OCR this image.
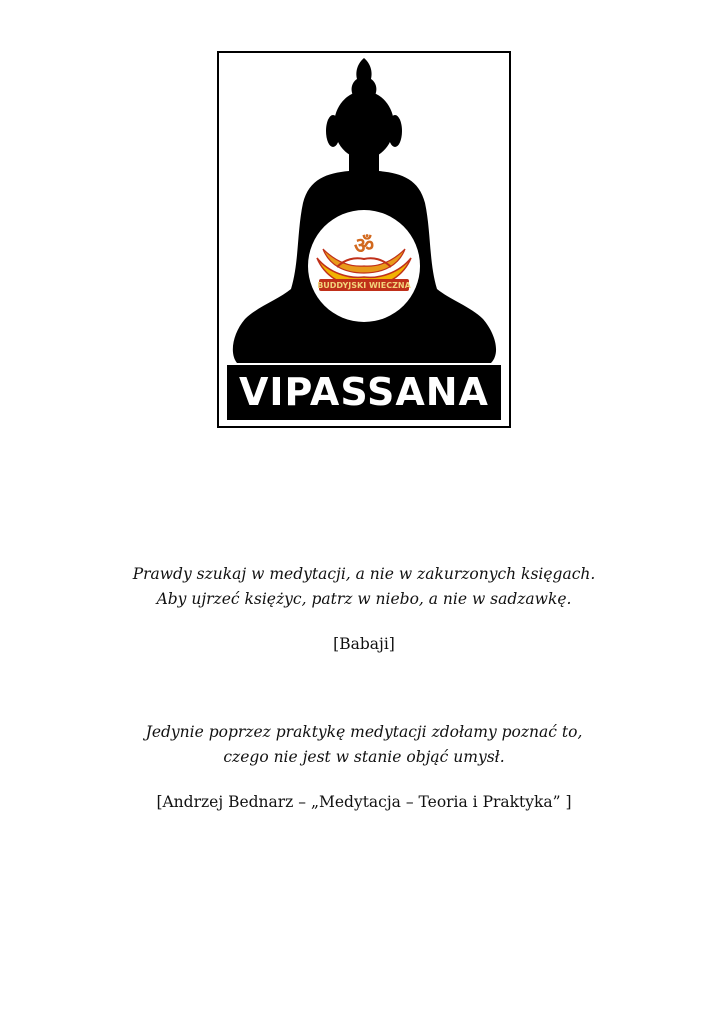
ॐ
BUDDYJSKI WIECZNA
VIPASSANA
Prawdy szukaj w medytacji, a nie w zakurzonych księgach.
Aby ujrzeć księżyc, patrz w niebo, a nie w sadzawkę.
[Babaji]
Jedynie poprzez praktykę medytacji zdołamy poznać to,
czego nie jest w stanie objąć umysł.
[Andrzej Bednarz – „Medytacja – Teoria i Praktyka” ]
